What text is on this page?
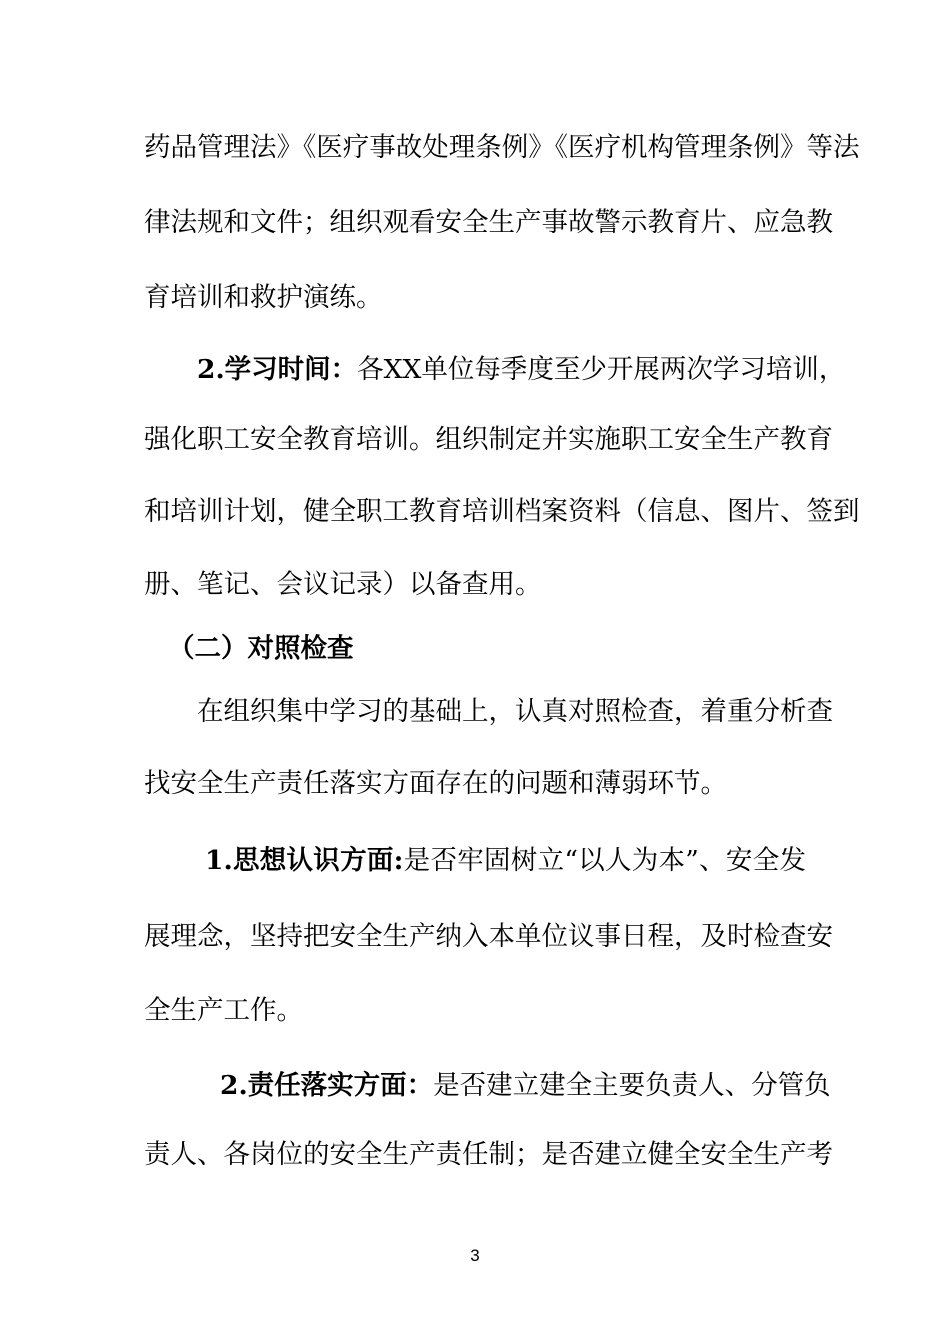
药品管理法》《医疗事故处理条例》《医疗机构管理条例》等法
律法规和文件；组织观看安全生产事故警示教育片、应急教
育培训和救护演练。
2.学习时间：各XX单位每季度至少开展两次学习培训，
强化职工安全教育培训。组织制定并实施职工安全生产教育
和培训计划，健全职工教育培训档案资料（信息、图片、签到
册、笔记、会议记录）以备查用。
（二）对照检查
在组织集中学习的基础上，认真对照检查，着重分析查
找安全生产责任落实方面存在的问题和薄弱环节。
1.思想认识方面:是否牢固树立“以人为本”、安全发
展理念，坚持把安全生产纳入本单位议事日程，及时检查安
全生产工作。
2.责任落实方面：是否建立建全主要负责人、分管负
责人、各岗位的安全生产责任制；是否建立健全安全生产考
3
